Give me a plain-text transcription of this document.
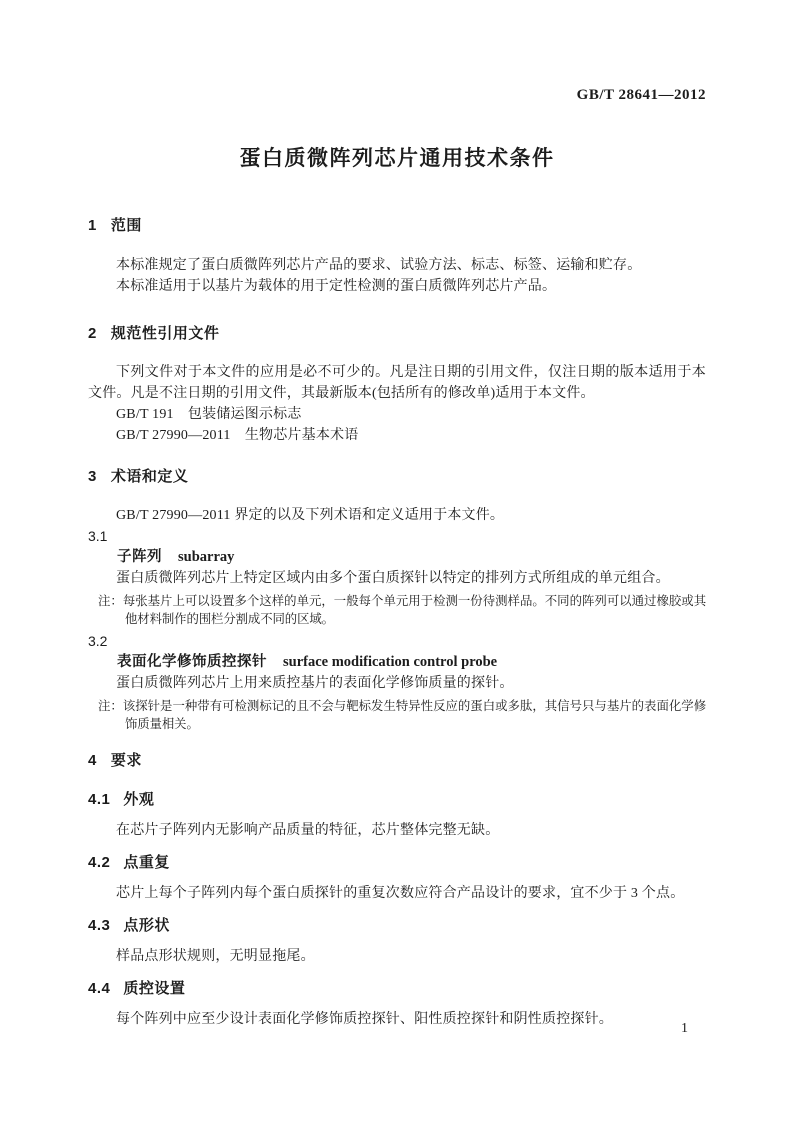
GB/T 28641—2012
蛋白质微阵列芯片通用技术条件
1 范围

本标准规定了蛋白质微阵列芯片产品的要求、试验方法、标志、标签、运输和贮存。

本标准适用于以基片为载体的用于定性检测的蛋白质微阵列芯片产品。

2 规范性引用文件

下列文件对于本文件的应用是必不可少的。凡是注日期的引用文件，仅注日期的版本适用于本文件。凡是不注日期的引用文件，其最新版本(包括所有的修改单)适用于本文件。

GB/T 191　包装储运图示标志

GB/T 27990—2011　生物芯片基本术语

3 术语和定义

GB/T 27990—2011 界定的以及下列术语和定义适用于本文件。

3.1

子阵列 subarray

蛋白质微阵列芯片上特定区域内由多个蛋白质探针以特定的排列方式所组成的单元组合。

注：每张基片上可以设置多个这样的单元，一般每个单元用于检测一份待测样品。不同的阵列可以通过橡胶或其他材料制作的围栏分割成不同的区域。

3.2

表面化学修饰质控探针 surface modification control probe

蛋白质微阵列芯片上用来质控基片的表面化学修饰质量的探针。

注：该探针是一种带有可检测标记的且不会与靶标发生特异性反应的蛋白或多肽，其信号只与基片的表面化学修饰质量相关。

4 要求
4.1 外观

在芯片子阵列内无影响产品质量的特征，芯片整体完整无缺。

4.2 点重复

芯片上每个子阵列内每个蛋白质探针的重复次数应符合产品设计的要求，宜不少于 3 个点。

4.3 点形状

样品点形状规则，无明显拖尾。

4.4 质控设置

每个阵列中应至少设计表面化学修饰质控探针、阳性质控探针和阴性质控探针。

1
